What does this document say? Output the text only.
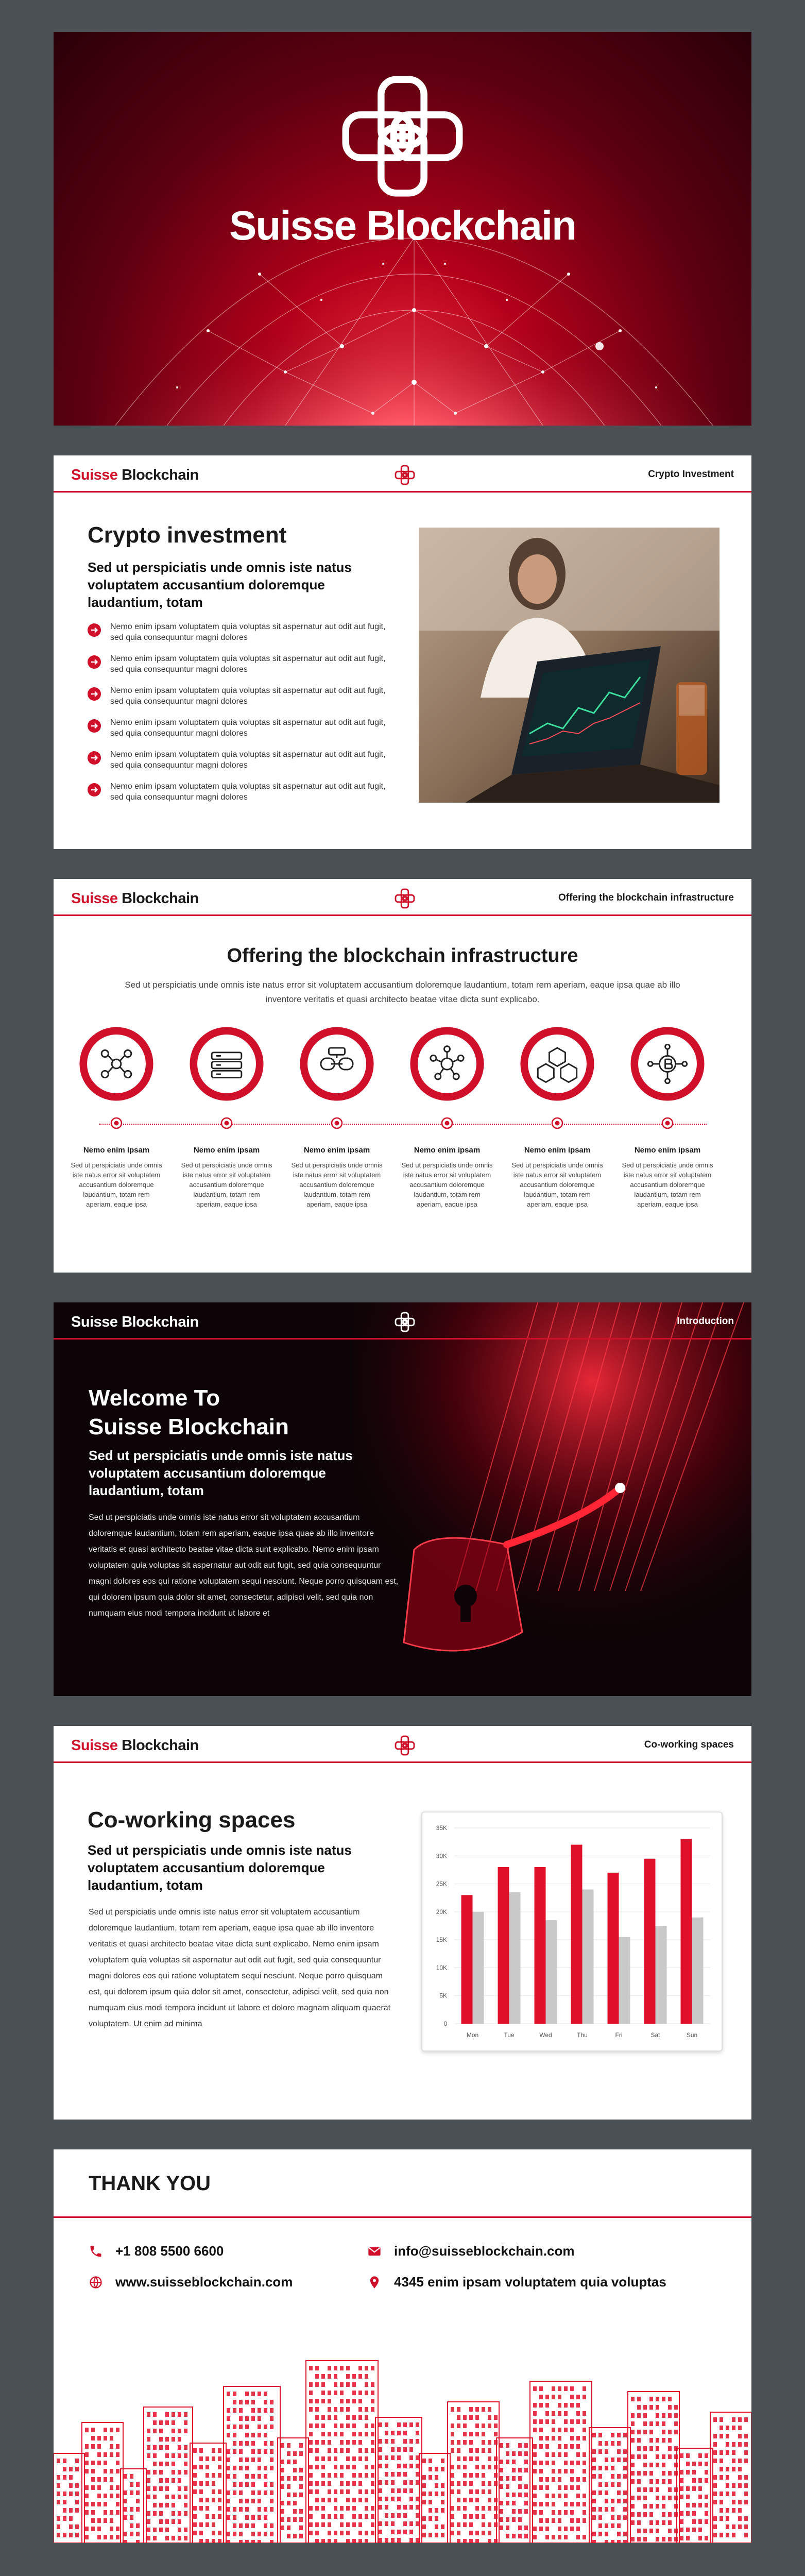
Suisse Blockchain
Suisse Blockchain	Crypto Investment
Crypto investment
Sed ut perspiciatis unde omnis iste natus voluptatem accusantium doloremque laudantium, totam
Nemo enim ipsam voluptatem quia voluptas sit aspernatur aut odit aut fugit, sed quia consequuntur magni dolores
Nemo enim ipsam voluptatem quia voluptas sit aspernatur aut odit aut fugit, sed quia consequuntur magni dolores
Nemo enim ipsam voluptatem quia voluptas sit aspernatur aut odit aut fugit, sed quia consequuntur magni dolores
Nemo enim ipsam voluptatem quia voluptas sit aspernatur aut odit aut fugit, sed quia consequuntur magni dolores
Nemo enim ipsam voluptatem quia voluptas sit aspernatur aut odit aut fugit, sed quia consequuntur magni dolores
Nemo enim ipsam voluptatem quia voluptas sit aspernatur aut odit aut fugit, sed quia consequuntur magni dolores
Suisse Blockchain	Offering the blockchain infrastructure
Offering the blockchain infrastructure
Sed ut perspiciatis unde omnis iste natus error sit voluptatem accusantium doloremque laudantium, totam rem aperiam, eaque ipsa quae ab illo inventore veritatis et quasi architecto beatae vitae dicta sunt explicabo.
Nemo enim ipsam
Sed ut perspiciatis unde omnis iste natus error sit voluptatem accusantium doloremque laudantium, totam rem aperiam, eaque ipsa
Nemo enim ipsam
Sed ut perspiciatis unde omnis iste natus error sit voluptatem accusantium doloremque laudantium, totam rem aperiam, eaque ipsa
Nemo enim ipsam
Sed ut perspiciatis unde omnis iste natus error sit voluptatem accusantium doloremque laudantium, totam rem aperiam, eaque ipsa
Nemo enim ipsam
Sed ut perspiciatis unde omnis iste natus error sit voluptatem accusantium doloremque laudantium, totam rem aperiam, eaque ipsa
Nemo enim ipsam
Sed ut perspiciatis unde omnis iste natus error sit voluptatem accusantium doloremque laudantium, totam rem aperiam, eaque ipsa
Nemo enim ipsam
Sed ut perspiciatis unde omnis iste natus error sit voluptatem accusantium doloremque laudantium, totam rem aperiam, eaque ipsa
Suisse Blockchain	Introduction
Welcome To
Suisse Blockchain
Sed ut perspiciatis unde omnis iste natus voluptatem accusantium doloremque laudantium, totam
Sed ut perspiciatis unde omnis iste natus error sit voluptatem accusantium doloremque laudantium, totam rem aperiam, eaque ipsa quae ab illo inventore veritatis et quasi architecto beatae vitae dicta sunt explicabo. Nemo enim ipsam voluptatem quia voluptas sit aspernatur aut odit aut fugit, sed quia consequuntur magni dolores eos qui ratione voluptatem sequi nesciunt. Neque porro quisquam est, qui dolorem ipsum quia dolor sit amet, consectetur, adipisci velit, sed quia non numquam eius modi tempora incidunt ut labore et
Suisse Blockchain	Co-working spaces
Co-working spaces
Sed ut perspiciatis unde omnis iste natus voluptatem accusantium doloremque laudantium, totam
Sed ut perspiciatis unde omnis iste natus error sit voluptatem accusantium doloremque laudantium, totam rem aperiam, eaque ipsa quae ab illo inventore veritatis et quasi architecto beatae vitae dicta sunt explicabo. Nemo enim ipsam voluptatem quia voluptas sit aspernatur aut odit aut fugit, sed quia consequuntur magni dolores eos qui ratione voluptatem sequi nesciunt. Neque porro quisquam est, qui dolorem ipsum quia dolor sit amet, consectetur, adipisci velit, sed quia non numquam eius modi tempora incidunt ut labore et dolore magnam aliquam quaerat voluptatem. Ut enim ad minima	0
5K
10K
15K
20K
25K
30K
35K
Mon	Tue	Wed	Thu	Fri	Sat	Sun
THANK YOU
+1 808 5500 6600	info@suisseblockchain.com
www.suisseblockchain.com	4345 enim ipsam voluptatem quia voluptas
